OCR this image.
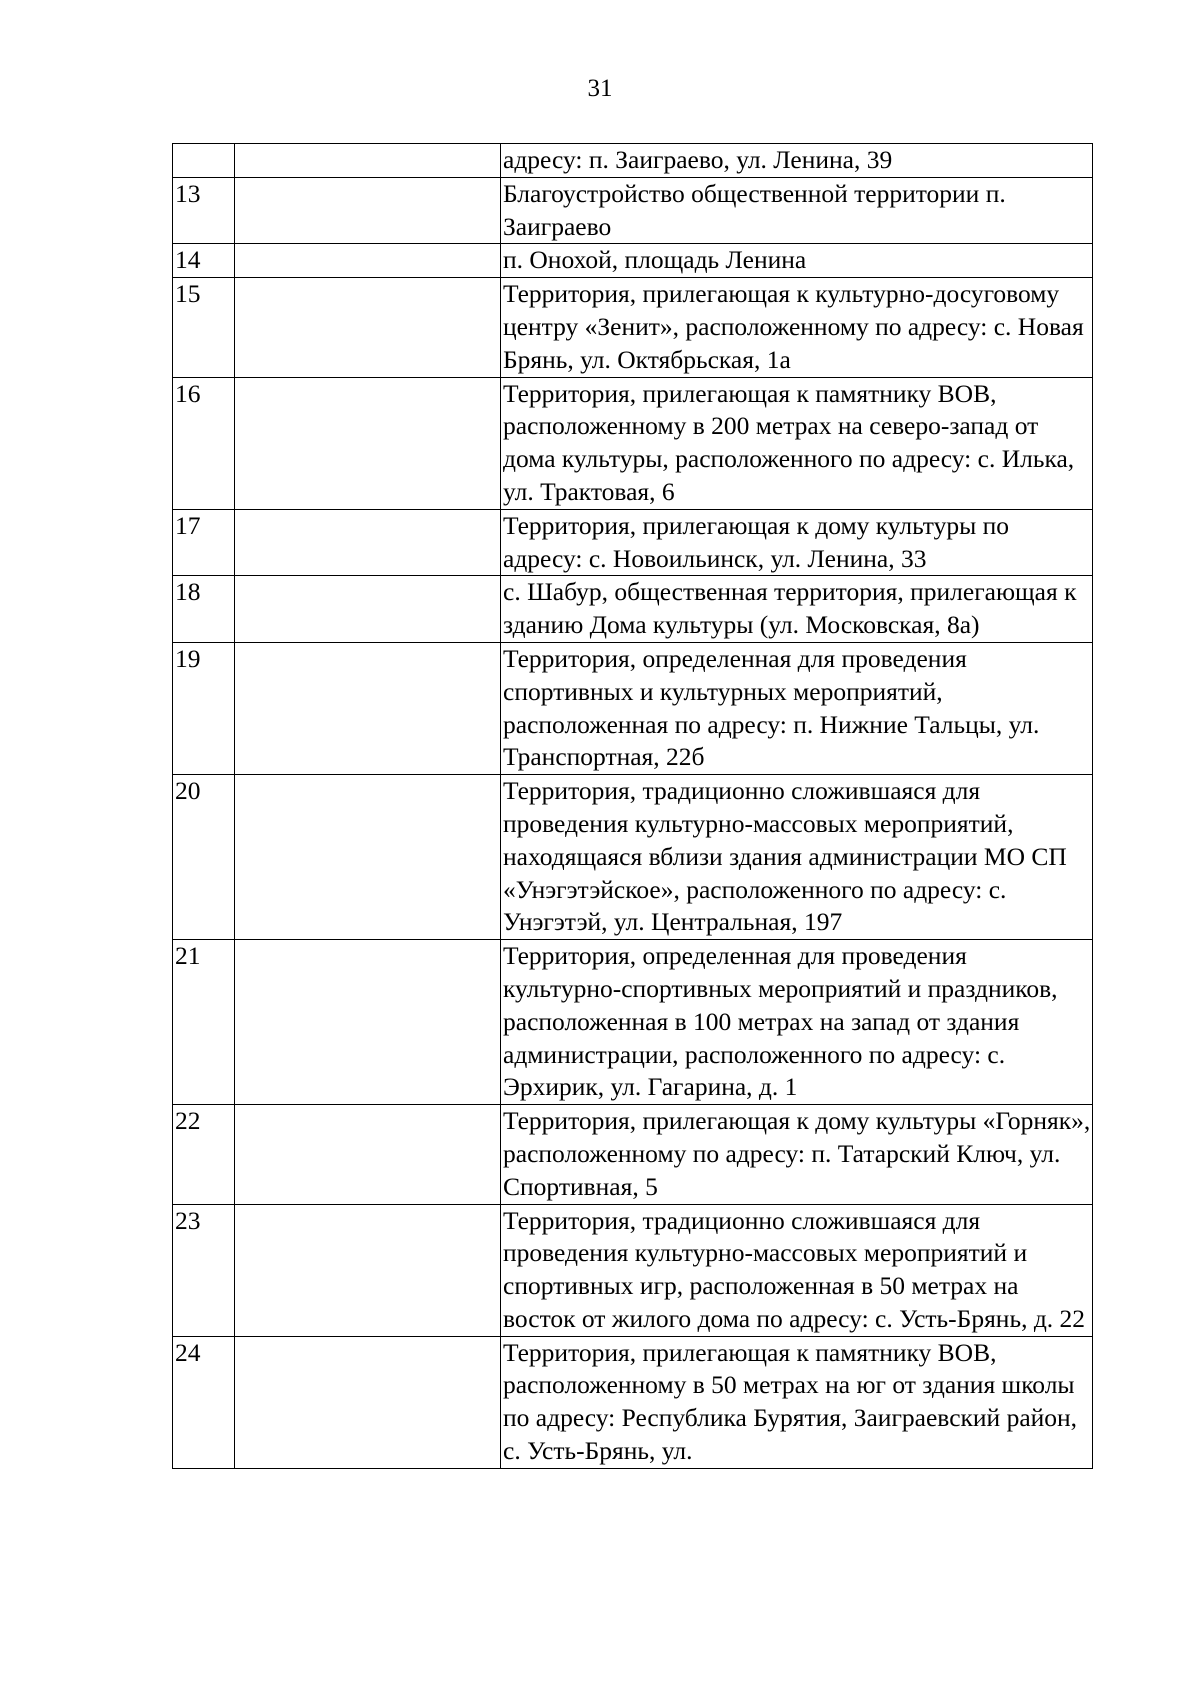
31
		адресу: п. Заиграево, ул. Ленина, 39
13		Благоустройство общественной территории п. Заиграево
14		п. Онохой, площадь Ленина
15		Территория, прилегающая к культурно-досуговому центру «Зенит», расположенному по адресу: с. Новая Брянь, ул. Октябрьская, 1а
16		Территория, прилегающая к памятнику ВОВ, расположенному в 200 метрах на северо-запад от дома культуры, расположенного по адресу: с. Илька, ул. Трактовая, 6
17		Территория, прилегающая к дому культуры по адресу: с. Новоильинск, ул. Ленина, 33
18		с. Шабур, общественная территория, прилегающая к зданию Дома культуры (ул. Московская, 8а)
19		Территория, определенная для проведения спортивных и культурных мероприятий, расположенная по адресу: п. Нижние Тальцы, ул. Транспортная, 22б
20		Территория, традиционно сложившаяся для проведения культурно-массовых мероприятий, находящаяся вблизи здания администрации МО СП «Унэгэтэйское», расположенного по адресу: с. Унэгэтэй, ул. Центральная, 197
21		Территория, определенная для проведения культурно-спортивных мероприятий и праздников, расположенная в 100 метрах на запад от здания администрации, расположенного по адресу: с. Эрхирик, ул. Гагарина, д. 1
22		Территория, прилегающая к дому культуры «Горняк», расположенному по адресу: п. Татарский Ключ, ул. Спортивная, 5
23		Территория, традиционно сложившаяся для проведения культурно-массовых мероприятий и спортивных игр, расположенная в 50 метрах на восток от жилого дома по адресу: с. Усть-Брянь, д. 22
24		Территория, прилегающая к памятнику ВОВ, расположенному в 50 метрах на юг от здания школы по адресу: Республика Бурятия, Заиграевский район, с. Усть-Брянь, ул.
